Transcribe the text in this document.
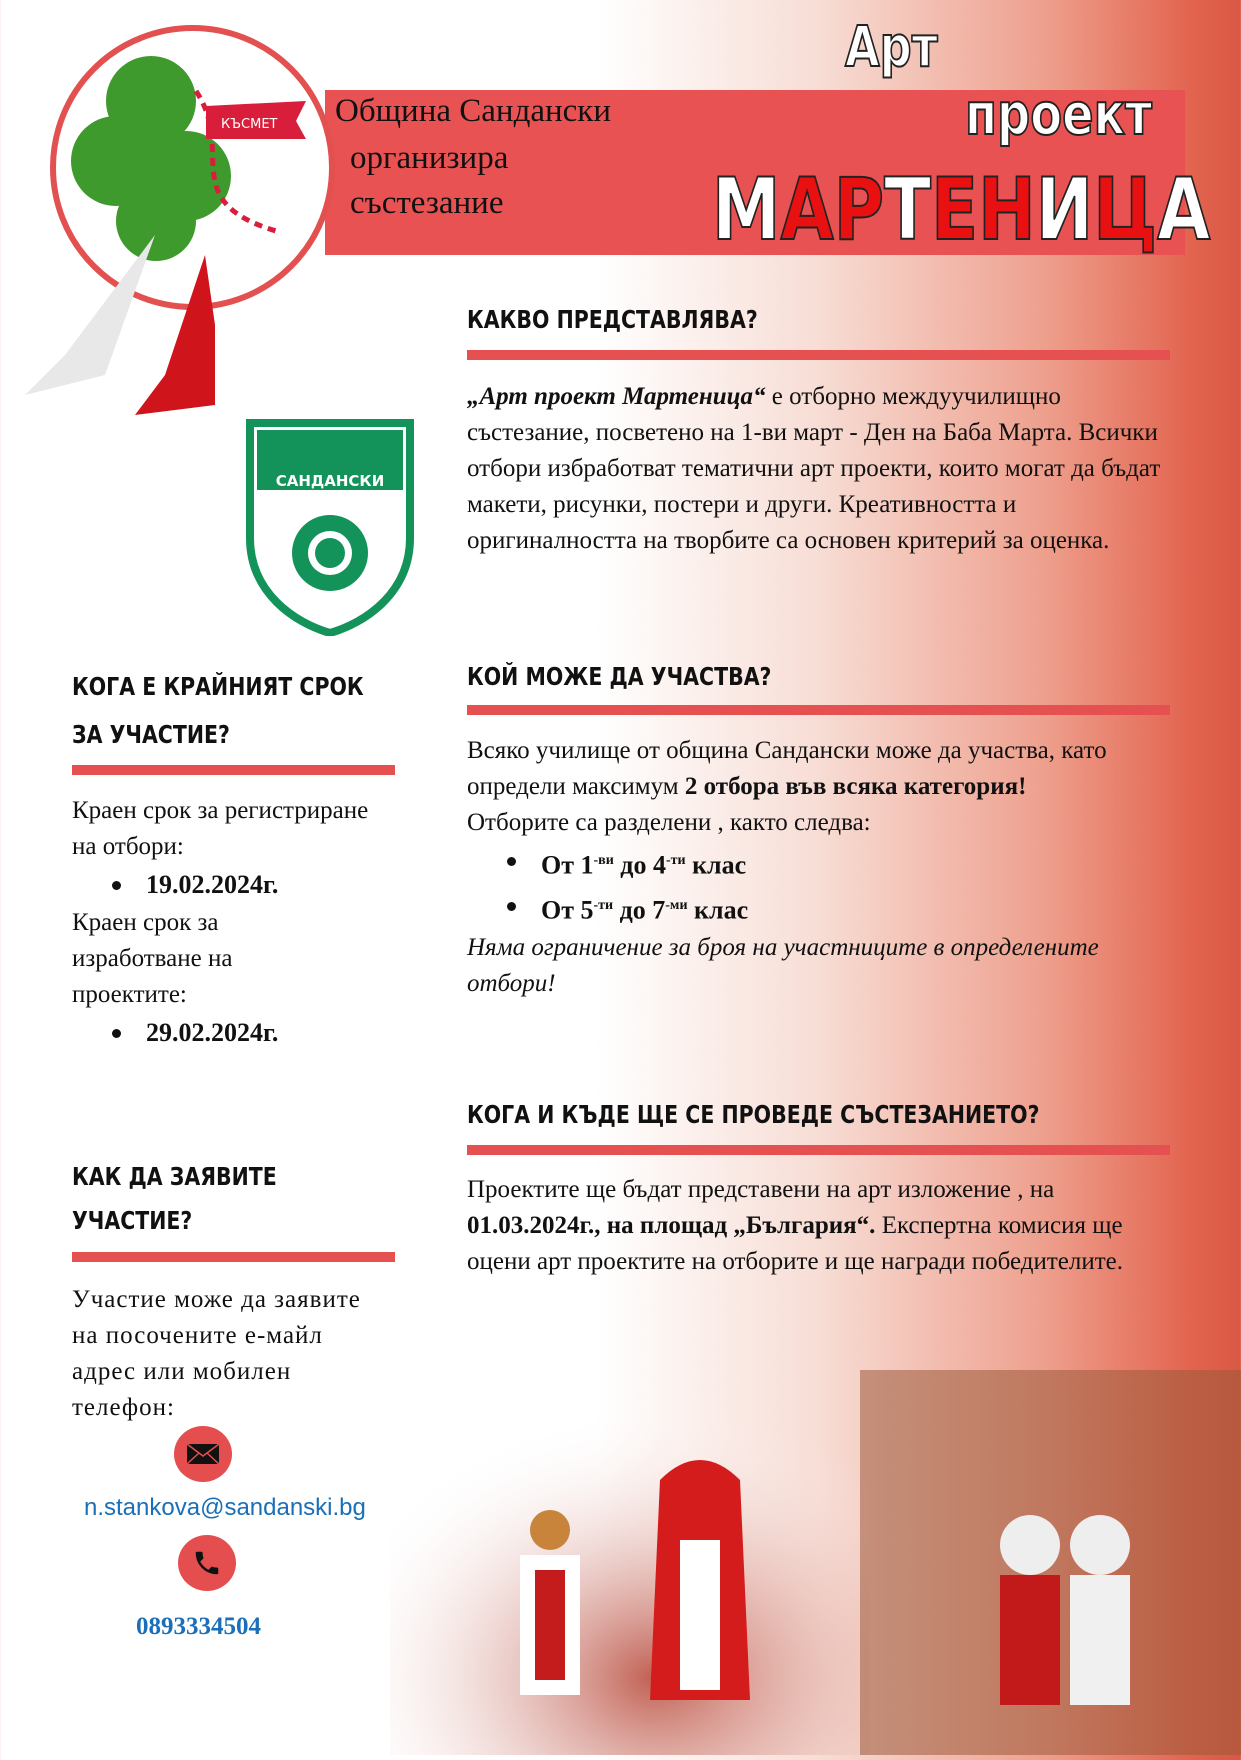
КЪСМЕТ Община Сандански
организира
състезание
Арт
проект
МАРТЕНИЦА
САНДАНСКИ
КАКВО ПРЕДСТАВЛЯВА?
„Арт проект Мартеница“ е отборно междуучилищно състезание, посветено на 1-ви март - Ден на Баба Марта. Всички отбори избработват тематични арт проекти, които могат да бъдат макети, рисунки, постери и други. Креативността и оригиналността на творбите са основен критерий за оценка.
КОЙ МОЖЕ ДА УЧАСТВА?
Всяко училище от община Сандански може да участва, като определи максимум 2 отбора във всяка категория!
Отборите са разделени , както следва:
От $1^{-ви}$ до $4^{-ти}$ клас
От $5^{-ти}$ до $7^{-ми}$ клас
Няма ограничение за броя на участниците в определените отбори!
КОГА И КЪДЕ ЩЕ СЕ ПРОВЕДЕ СЪСТЕЗАНИЕТО?
Проектите ще бъдат представени на арт изложение , на 01.03.2024г., на площад „България“. Експертна комисия ще оцени арт проектите на отборите и ще награди победителите.
КОГА Е КРАЙНИЯТ СРОК
ЗА УЧАСТИЕ?
Краен срок за регистриране на отбори:
19.02.2024г.
Краен срок за изработване на проектите:
29.02.2024г.
КАК ДА ЗАЯВИТЕ
УЧАСТИЕ?
Участие може да заявите на посочените е-майл адрес или мобилен телефон:
n.stankova@sandanski.bg
0893334504
